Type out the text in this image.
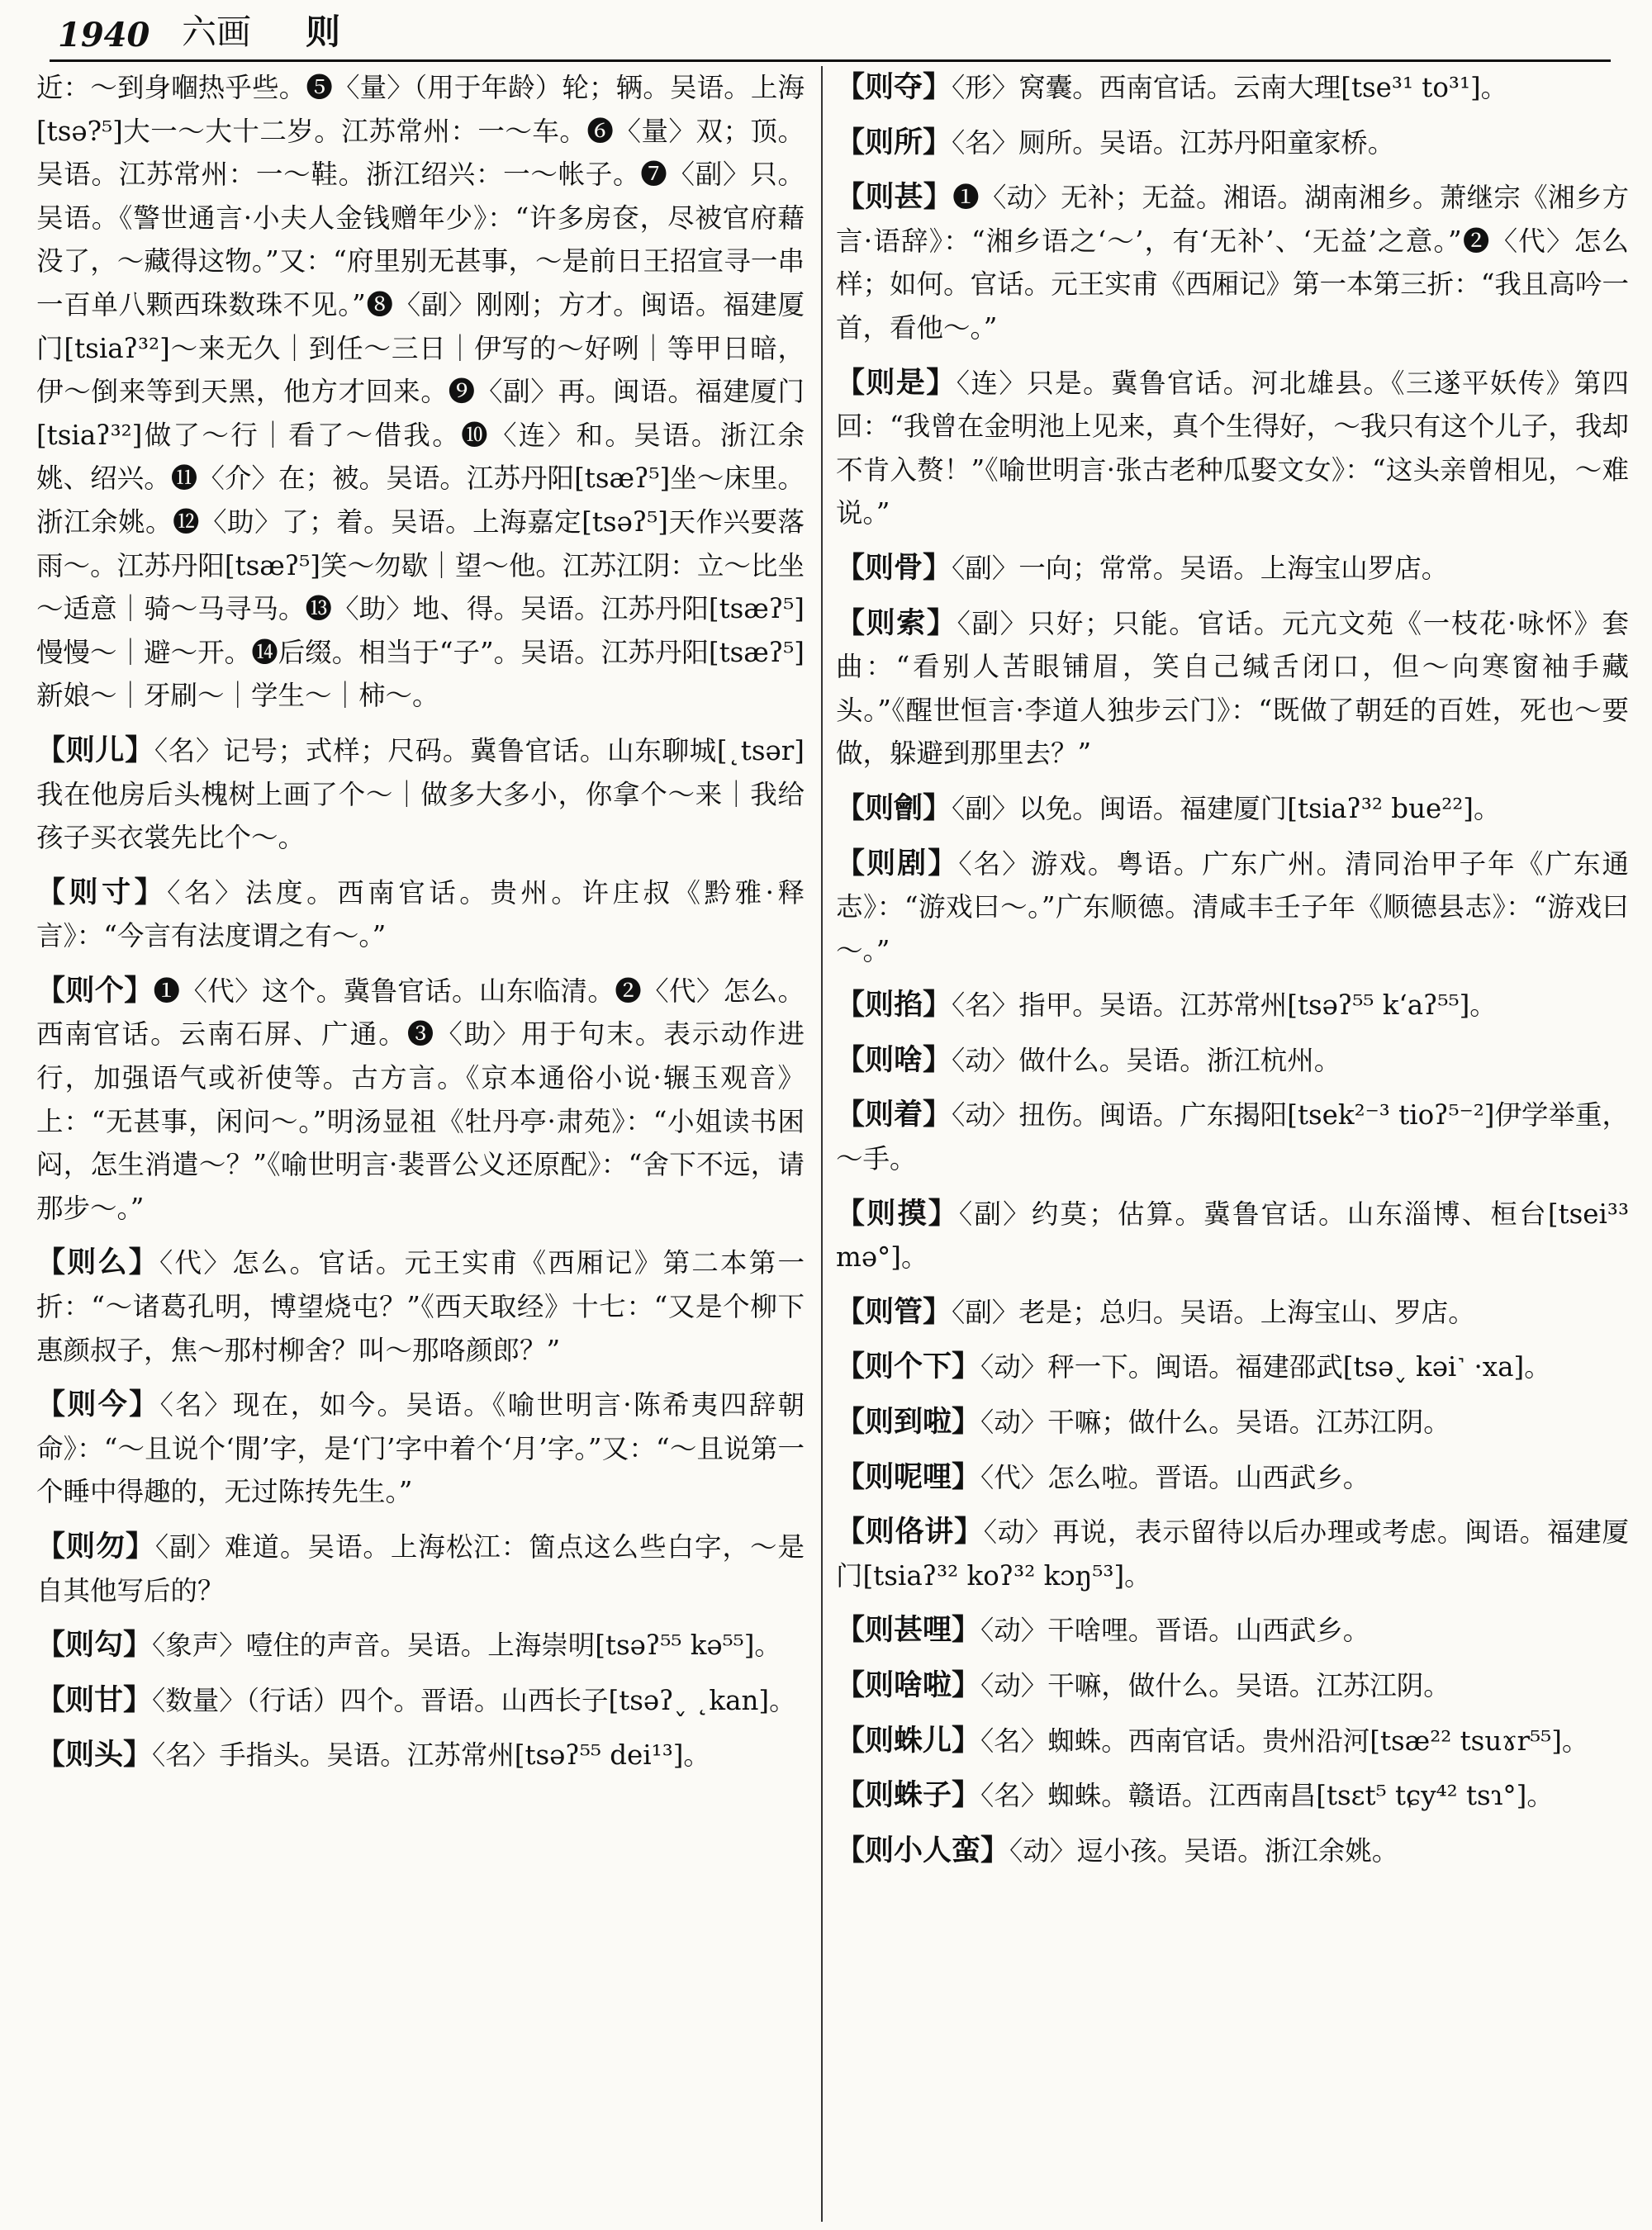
1940 六画	则
近：～到身嗰热乎些。❺〈量〉（用于年龄）轮；辆。吴语。上海[tsə?⁵]大一～大十二岁。江苏常州：一～车。❻〈量〉双；顶。吴语。江苏常州：一～鞋。浙江绍兴：一～帐子。❼〈副〉只。吴语。《警世通言·小夫人金钱赠年少》：“许多房奁，尽被官府藉没了，～藏得这物。”又：“府里别无甚事，～是前日王招宣寻一串一百单八颗西珠数珠不见。”❽〈副〉刚刚；方才。闽语。福建厦门[tsiaʔ³²]～来无久｜到任～三日｜伊写的～好咧｜等甲日暗，伊～倒来等到天黑，他方才回来。❾〈副〉再。闽语。福建厦门[tsiaʔ³²]做了～行｜看了～借我。❿〈连〉和。吴语。浙江余姚、绍兴。⓫〈介〉在；被。吴语。江苏丹阳[tsæʔ⁵]坐～床里。浙江余姚。⓬〈助〉了；着。吴语。上海嘉定[tsəʔ⁵]天作兴要落雨～。江苏丹阳[tsæʔ⁵]笑～勿歇｜望～他。江苏江阴：立～比坐～适意｜骑～马寻马。⓭〈助〉地、得。吴语。江苏丹阳[tsæʔ⁵]慢慢～｜避～开。⓮后缀。相当于“子”。吴语。江苏丹阳[tsæʔ⁵]新娘～｜牙刷～｜学生～｜柿～。

【则儿】〈名〉记号；式样；尺码。冀鲁官话。山东聊城[˛tsər]我在他房后头槐树上画了个～｜做多大多小，你拿个～来｜我给孩子买衣裳先比个～。

【则寸】〈名〉法度。西南官话。贵州。许庄叔《黔雅·释言》：“今言有法度谓之有～。”

【则个】❶〈代〉这个。冀鲁官话。山东临清。❷〈代〉怎么。西南官话。云南石屏、广通。❸〈助〉用于句末。表示动作进行，加强语气或祈使等。古方言。《京本通俗小说·辗玉观音》上：“无甚事，闲问～。”明汤显祖《牡丹亭·肃苑》：“小姐读书困闷，怎生消遣～？”《喻世明言·裴晋公义还原配》：“舍下不远，请那步～。”

【则么】〈代〉怎么。官话。元王实甫《西厢记》第二本第一折：“～诸葛孔明，博望烧屯？”《西天取经》十七：“又是个柳下惠颜叔子，焦～那村柳舍？叫～那咯颜郎？”

【则今】〈名〉现在，如今。吴语。《喻世明言·陈希夷四辞朝命》：“～且说个‘閒’字，是‘门’字中着个‘月’字。”又：“～且说第一个睡中得趣的，无过陈抟先生。”

【则勿】〈副〉难道。吴语。上海松江：箇点这么些白字，～是自其他写后的？

【则勾】〈象声〉噎住的声音。吴语。上海崇明[tsəʔ⁵⁵ kə⁵⁵]。

【则甘】〈数量〉（行话）四个。晋语。山西长子[tsəʔ˯ ˛kan]。

【则头】〈名〉手指头。吴语。江苏常州[tsəʔ⁵⁵ dei¹³]。

【则夺】〈形〉窝囊。西南官话。云南大理[tse³¹ to³¹]。

【则所】〈名〉厕所。吴语。江苏丹阳童家桥。

【则甚】❶〈动〉无补；无益。湘语。湖南湘乡。萧继宗《湘乡方言·语辞》：“湘乡语之‘～’，有‘无补’、‘无益’之意。”❷〈代〉怎么样；如何。官话。元王实甫《西厢记》第一本第三折：“我且高吟一首，看他～。”

【则是】〈连〉只是。冀鲁官话。河北雄县。《三遂平妖传》第四回：“我曾在金明池上见来，真个生得好，～我只有这个儿子，我却不肯入赘！”《喻世明言·张古老种瓜娶文女》：“这头亲曾相见，～难说。”

【则骨】〈副〉一向；常常。吴语。上海宝山罗店。

【则索】〈副〉只好；只能。官话。元亢文苑《一枝花·咏怀》套曲：“看别人苦眼铺眉，笑自己缄舌闭口，但～向寒窗袖手藏头。”《醒世恒言·李道人独步云门》：“既做了朝廷的百姓，死也～要做，躲避到那里去？”

【则劊】〈副〉以免。闽语。福建厦门[tsiaʔ³² bue²²]。

【则剧】〈名〉游戏。粤语。广东广州。清同治甲子年《广东通志》：“游戏曰～。”广东顺德。清咸丰壬子年《顺德县志》：“游戏曰～。”

【则掐】〈名〉指甲。吴语。江苏常州[tsəʔ⁵⁵ k‘aʔ⁵⁵]。

【则啥】〈动〉做什么。吴语。浙江杭州。

【则着】〈动〉扭伤。闽语。广东揭阳[tsek²⁻³ tioʔ⁵⁻²]伊学举重，～手。

【则摸】〈副〉约莫；估算。冀鲁官话。山东淄博、桓台[tsei³³ mə°]。

【则管】〈副〉老是；总归。吴语。上海宝山、罗店。

【则个下】〈动〉秤一下。闽语。福建邵武[tsə˯ kəi˺ ·xa]。

【则到啦】〈动〉干嘛；做什么。吴语。江苏江阴。

【则呢哩】〈代〉怎么啦。晋语。山西武乡。

【则佫讲】〈动〉再说，表示留待以后办理或考虑。闽语。福建厦门[tsiaʔ³² koʔ³² kɔŋ⁵³]。

【则甚哩】〈动〉干啥哩。晋语。山西武乡。

【则啥啦】〈动〉干嘛，做什么。吴语。江苏江阴。

【则蛛儿】〈名〉蜘蛛。西南官话。贵州沿河[tsæ²² tsuɤr⁵⁵]。

【则蛛子】〈名〉蜘蛛。赣语。江西南昌[tsɛt⁵ tɕy⁴² tsɿ°]。

【则小人蛮】〈动〉逗小孩。吴语。浙江余姚。
